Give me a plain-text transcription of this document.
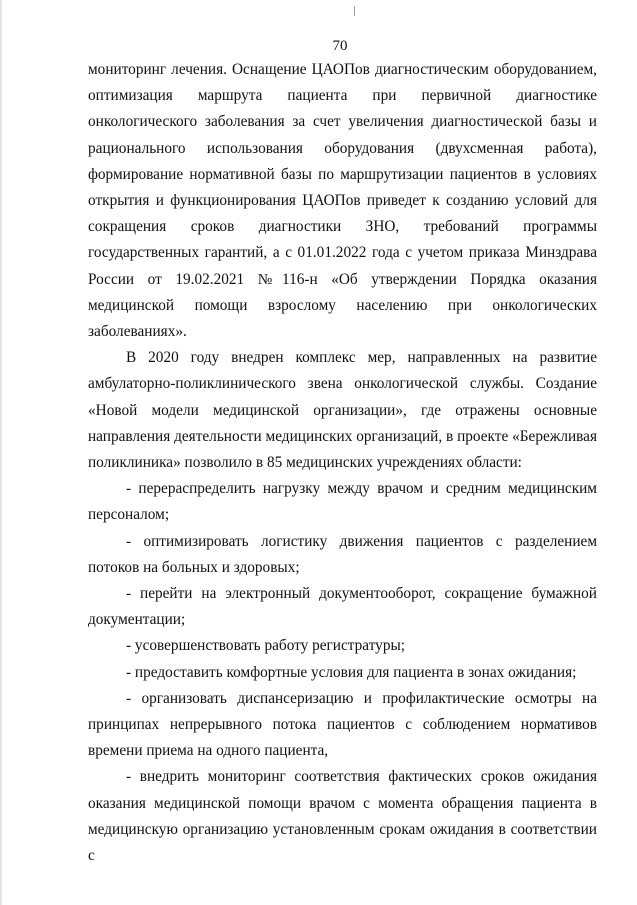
70

мониторинг лечения. Оснащение ЦАОПов диагностическим оборудованием, оптимизация маршрута пациента при первичной диагностике онкологического заболевания за счет увеличения диагностической базы и рационального использования оборудования (двухсменная работа), формирование нормативной базы по маршрутизации пациентов в условиях открытия и функционирования ЦАОПов приведет к созданию условий для сокращения сроков диагностики ЗНО, требований программы государственных гарантий, а с 01.01.2022 года с учетом приказа Минздрава России от 19.02.2021 №116-н «Об утверждении Порядка оказания медицинской помощи взрослому населению при онкологических заболеваниях».

В 2020 году внедрен комплекс мер, направленных на развитие амбулаторно-поликлинического звена онкологической службы. Создание «Новой модели медицинской организации», где отражены основные направления деятельности медицинских организаций, в проекте «Бережливая поликлиника» позволило в 85 медицинских учреждениях области:

- перераспределить нагрузку между врачом и средним медицинским персоналом;

- оптимизировать логистику движения пациентов с разделением потоков на больных и здоровых;

- перейти на электронный документооборот, сокращение бумажной документации;

- усовершенствовать работу регистратуры;

- предоставить комфортные условия для пациента в зонах ожидания;

- организовать диспансеризацию и профилактические осмотры на принципах непрерывного потока пациентов с соблюдением нормативов времени приема на одного пациента,

- внедрить мониторинг соответствия фактических сроков ожидания оказания медицинской помощи врачом с момента обращения пациента в медицинскую организацию установленным срокам ожидания в соответствии с
